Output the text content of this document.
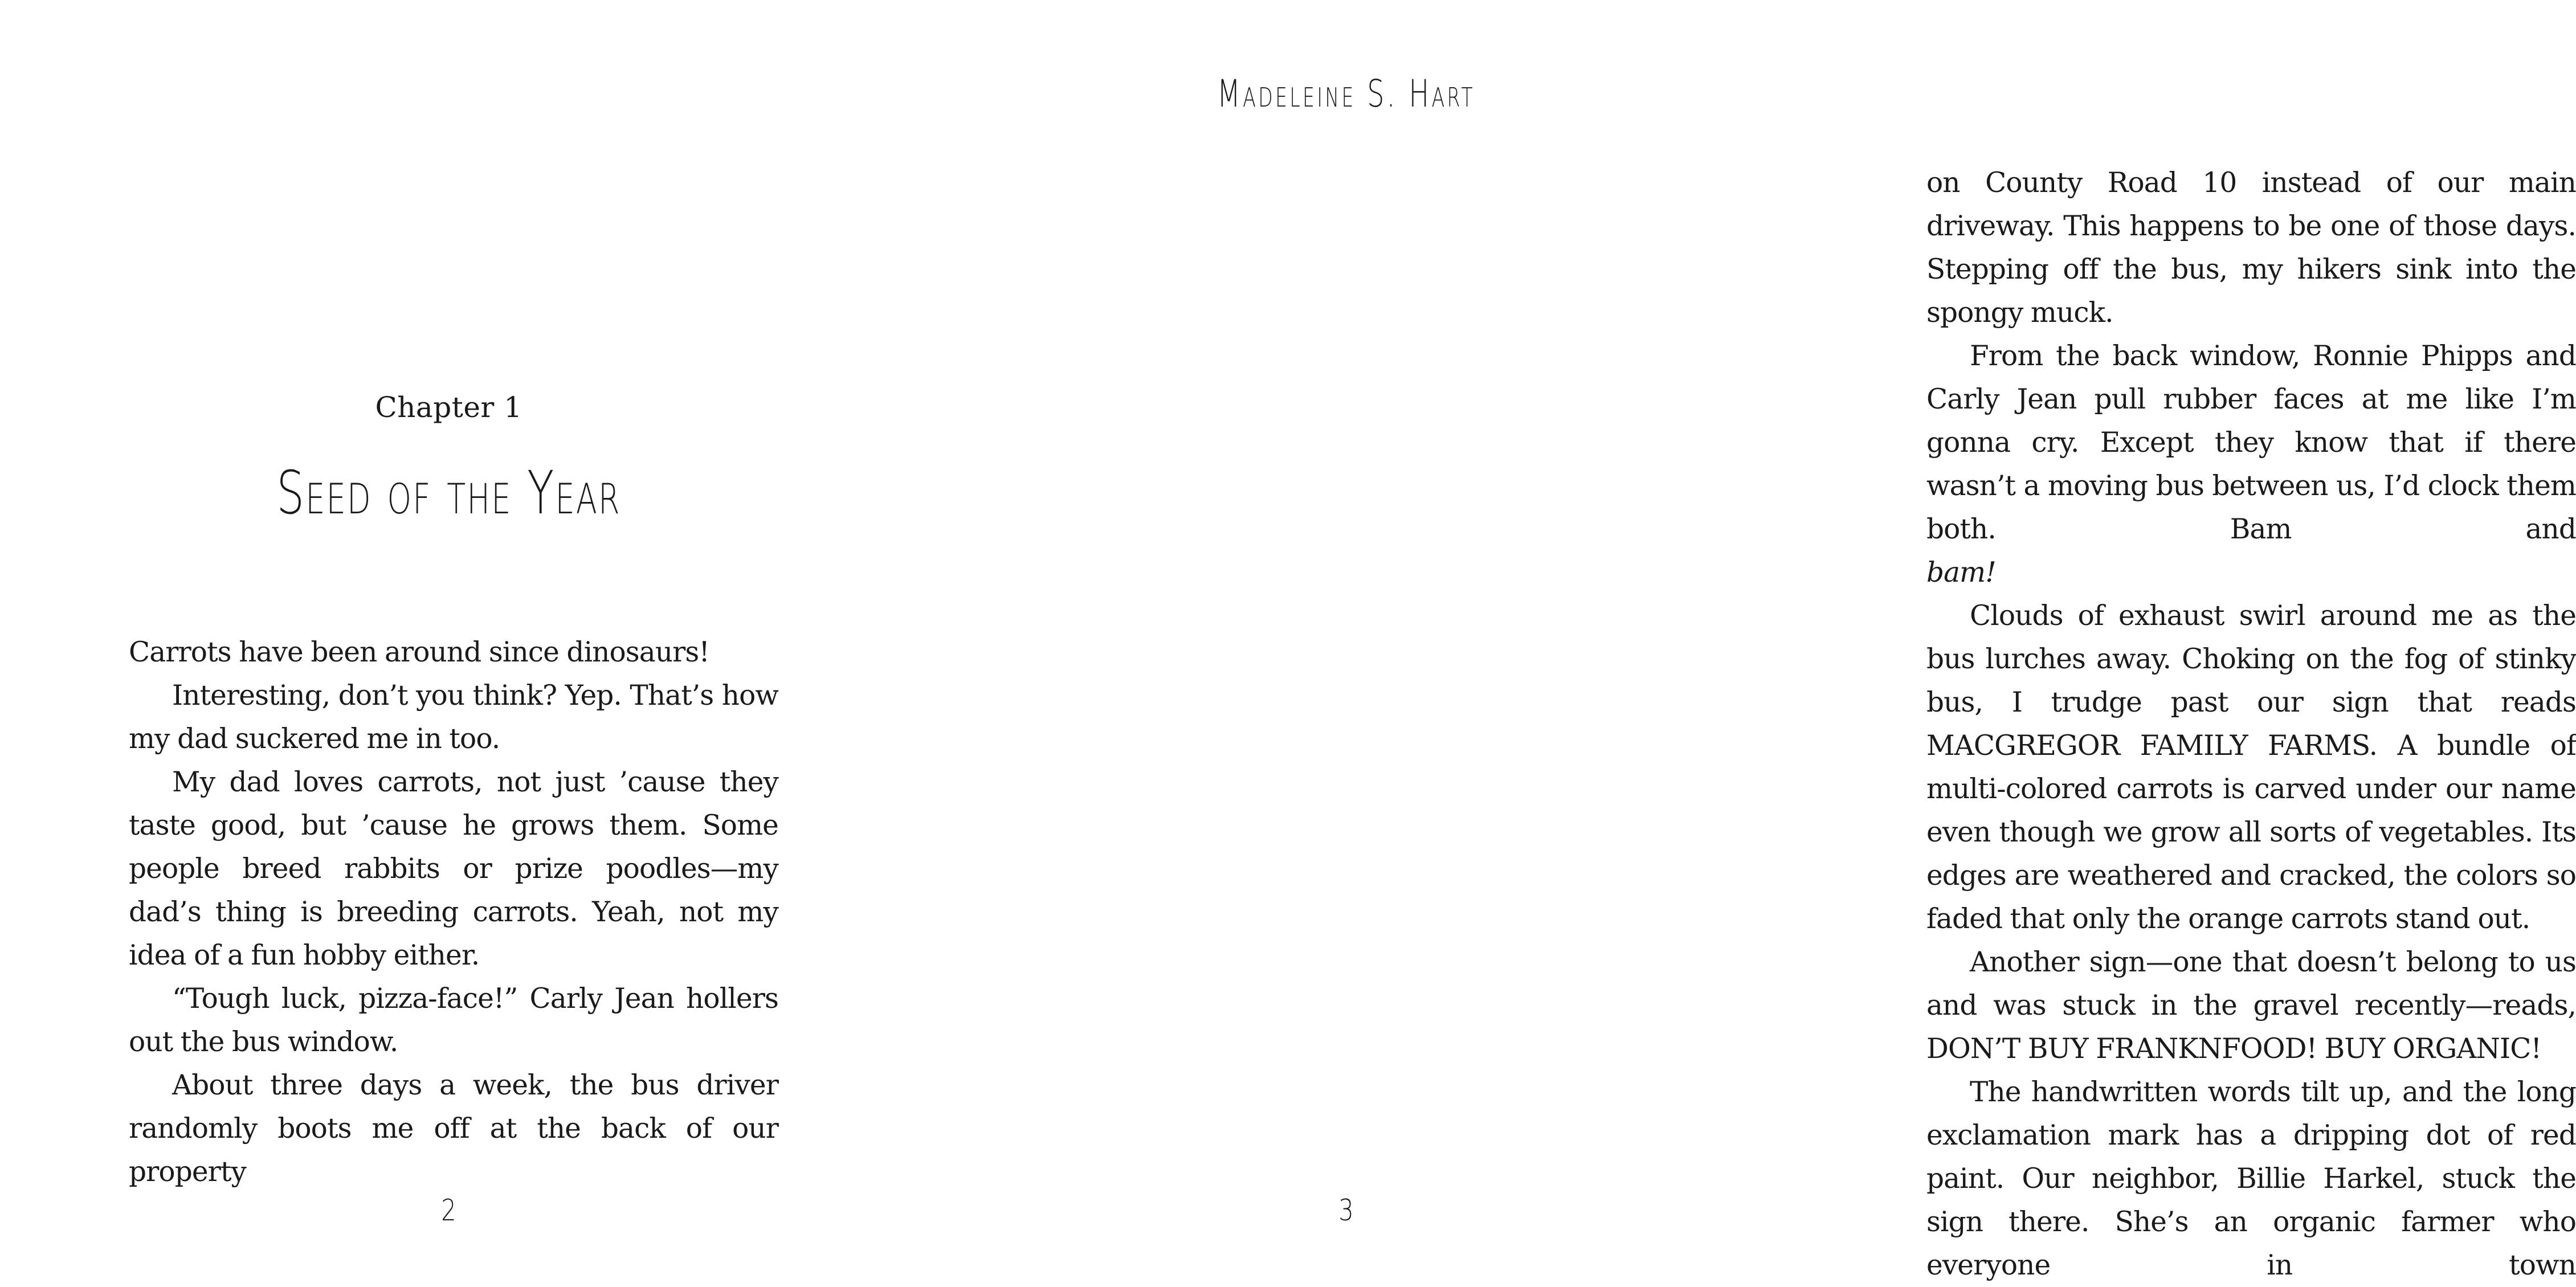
Chapter 1
Seed of the Year

Carrots have been around since dinosaurs!

Interesting, don’t you think? Yep. That’s how my dad suckered me in too.

My dad loves carrots, not just ’cause they taste good, but ’cause he grows them. Some people breed rabbits or prize poodles—my dad’s thing is breeding carrots. Yeah, not my idea of a fun hobby either.

“Tough luck, pizza-face!” Carly Jean hollers out the bus window.

About three days a week, the bus driver randomly boots me off at the back of our property

2
Madeleine S. Hart

on County Road 10 instead of our main driveway. This happens to be one of those days. Stepping off the bus, my hikers sink into the spongy muck.

From the back window, Ronnie Phipps and Carly Jean pull rubber faces at me like I’m gonna cry. Except they know that if there wasn’t a moving bus between us, I’d clock them both. Bam and

bam!

Clouds of exhaust swirl around me as the bus lurches away. Choking on the fog of stinky bus, I trudge past our sign that reads MACGREGOR FAMILY FARMS. A bundle of multi-colored carrots is carved under our name even though we grow all sorts of vegetables. Its edges are weathered and cracked, the colors so faded that only the orange carrots stand out.

Another sign—one that doesn’t belong to us and was stuck in the gravel recently—reads, DON’T BUY FRANKNFOOD! BUY ORGANIC!

The handwritten words tilt up, and the long exclamation mark has a dripping dot of red paint. Our neighbor, Billie Harkel, stuck the sign there. She’s an organic farmer who everyone in town

3
